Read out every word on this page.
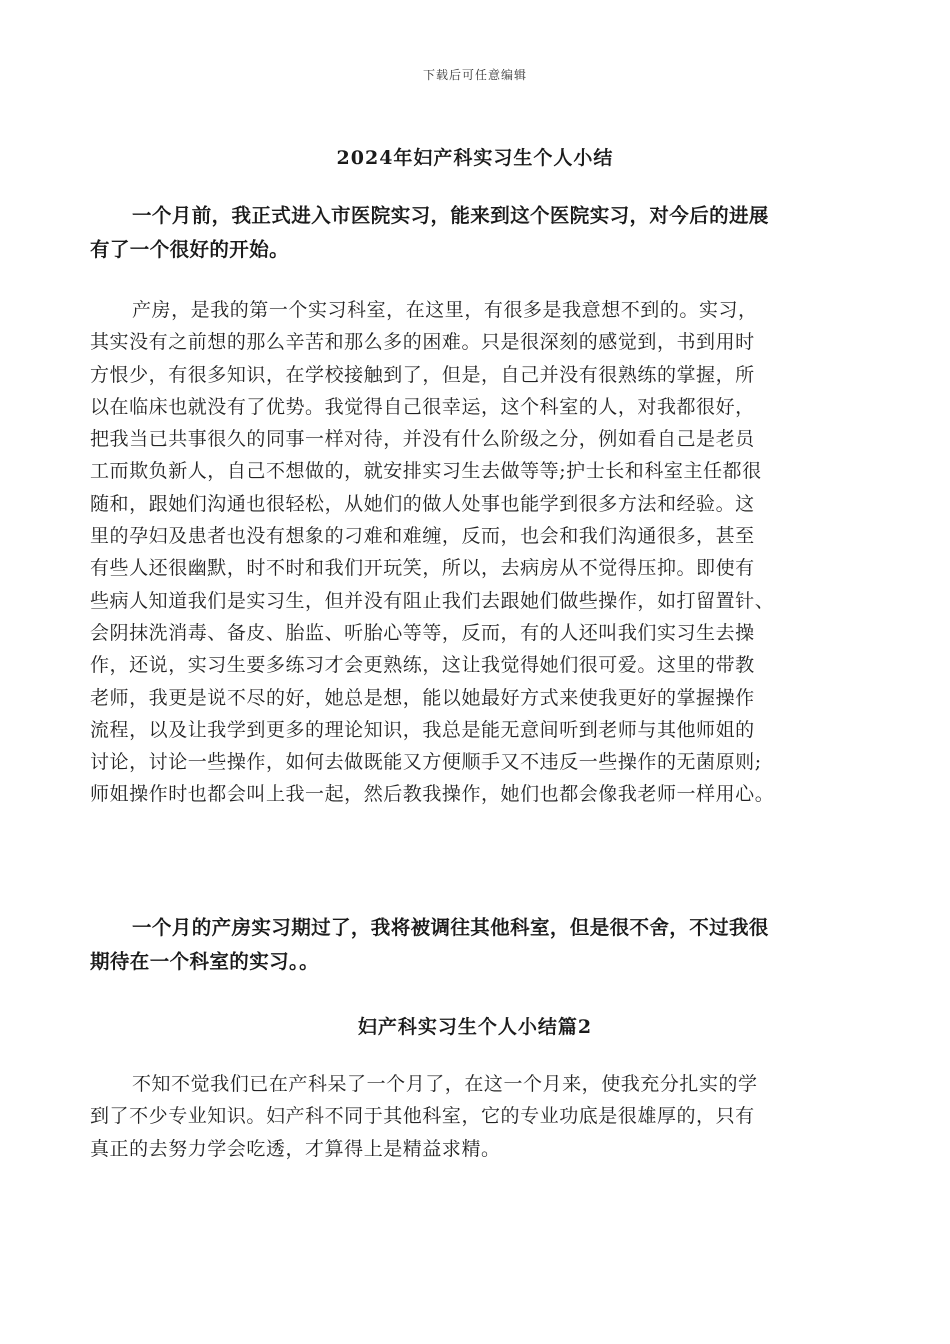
下载后可任意编辑
2024年妇产科实习生个人小结
一个月前，我正式进入市医院实习，能来到这个医院实习，对今后的进展
有了一个很好的开始。
产房，是我的第一个实习科室，在这里，有很多是我意想不到的。实习，
其实没有之前想的那么辛苦和那么多的困难。只是很深刻的感觉到，书到用时
方恨少，有很多知识，在学校接触到了，但是，自己并没有很熟练的掌握，所
以在临床也就没有了优势。我觉得自己很幸运，这个科室的人，对我都很好，
把我当已共事很久的同事一样对待，并没有什么阶级之分，例如看自己是老员
工而欺负新人，自己不想做的，就安排实习生去做等等;护士长和科室主任都很
随和，跟她们沟通也很轻松，从她们的做人处事也能学到很多方法和经验。这
里的孕妇及患者也没有想象的刁难和难缠，反而，也会和我们沟通很多，甚至
有些人还很幽默，时不时和我们开玩笑，所以，去病房从不觉得压抑。即使有
些病人知道我们是实习生，但并没有阻止我们去跟她们做些操作，如打留置针、
会阴抹洗消毒、备皮、胎监、听胎心等等，反而，有的人还叫我们实习生去操
作，还说，实习生要多练习才会更熟练，这让我觉得她们很可爱。这里的带教
老师，我更是说不尽的好，她总是想，能以她最好方式来使我更好的掌握操作
流程，以及让我学到更多的理论知识，我总是能无意间听到老师与其他师姐的
讨论，讨论一些操作，如何去做既能又方便顺手又不违反一些操作的无菌原则;
师姐操作时也都会叫上我一起，然后教我操作，她们也都会像我老师一样用心。
一个月的产房实习期过了，我将被调往其他科室，但是很不舍，不过我很
期待在一个科室的实习。。
妇产科实习生个人小结篇2
不知不觉我们已在产科呆了一个月了，在这一个月来，使我充分扎实的学
到了不少专业知识。妇产科不同于其他科室，它的专业功底是很雄厚的，只有
真正的去努力学会吃透，才算得上是精益求精。
